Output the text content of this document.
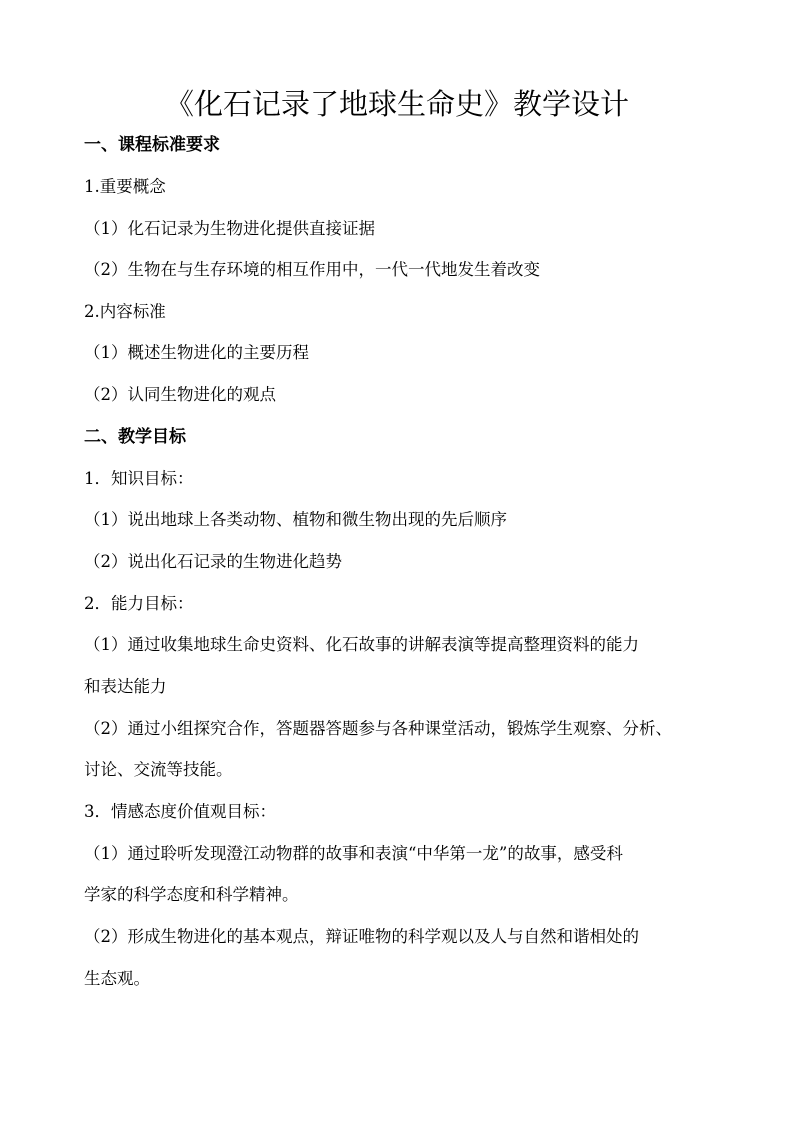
《化石记录了地球生命史》教学设计

一、课程标准要求

1.重要概念

（1）化石记录为生物进化提供直接证据

（2）生物在与生存环境的相互作用中，一代一代地发生着改变

2.内容标准

（1）概述生物进化的主要历程

（2）认同生物进化的观点

二、教学目标

1．知识目标：

（1）说出地球上各类动物、植物和微生物出现的先后顺序

（2）说出化石记录的生物进化趋势

2．能力目标：

（1）通过收集地球生命史资料、化石故事的讲解表演等提高整理资料的能力

和表达能力

（2）通过小组探究合作，答题器答题参与各种课堂活动，锻炼学生观察、分析、

讨论、交流等技能。

3．情感态度价值观目标：

（1）通过聆听发现澄江动物群的故事和表演“中华第一龙”的故事，感受科

学家的科学态度和科学精神。

（2）形成生物进化的基本观点，辩证唯物的科学观以及人与自然和谐相处的

生态观。
